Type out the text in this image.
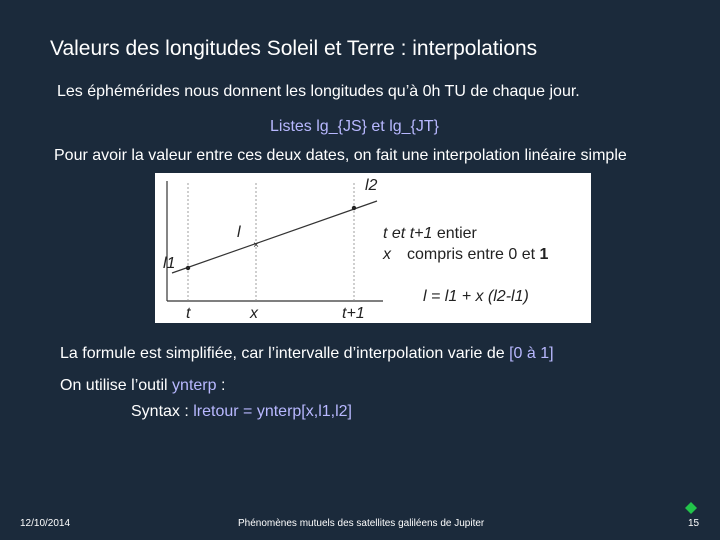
Valeurs des longitudes Soleil et Terre : interpolations
Les éphémérides nous donnent les longitudes qu’à 0h TU de chaque jour.
Listes lg_{JS} et lg_{JT}
Pour avoir la valeur entre ces deux dates, on fait une interpolation linéaire simple
×
l2
l
l1
t	x	t+1
t et t+1 entier
x compris entre 0 et 1
l = l1 + x (l2-l1)
La formule est simplifiée, car l’intervalle d’interpolation varie de [0 à 1]
On utilise l’outil ynterp :
Syntax : lretour = ynterp[x,l1,l2]
12/10/2014	Phénomènes mutuels des satellites galiléens de Jupiter	15
